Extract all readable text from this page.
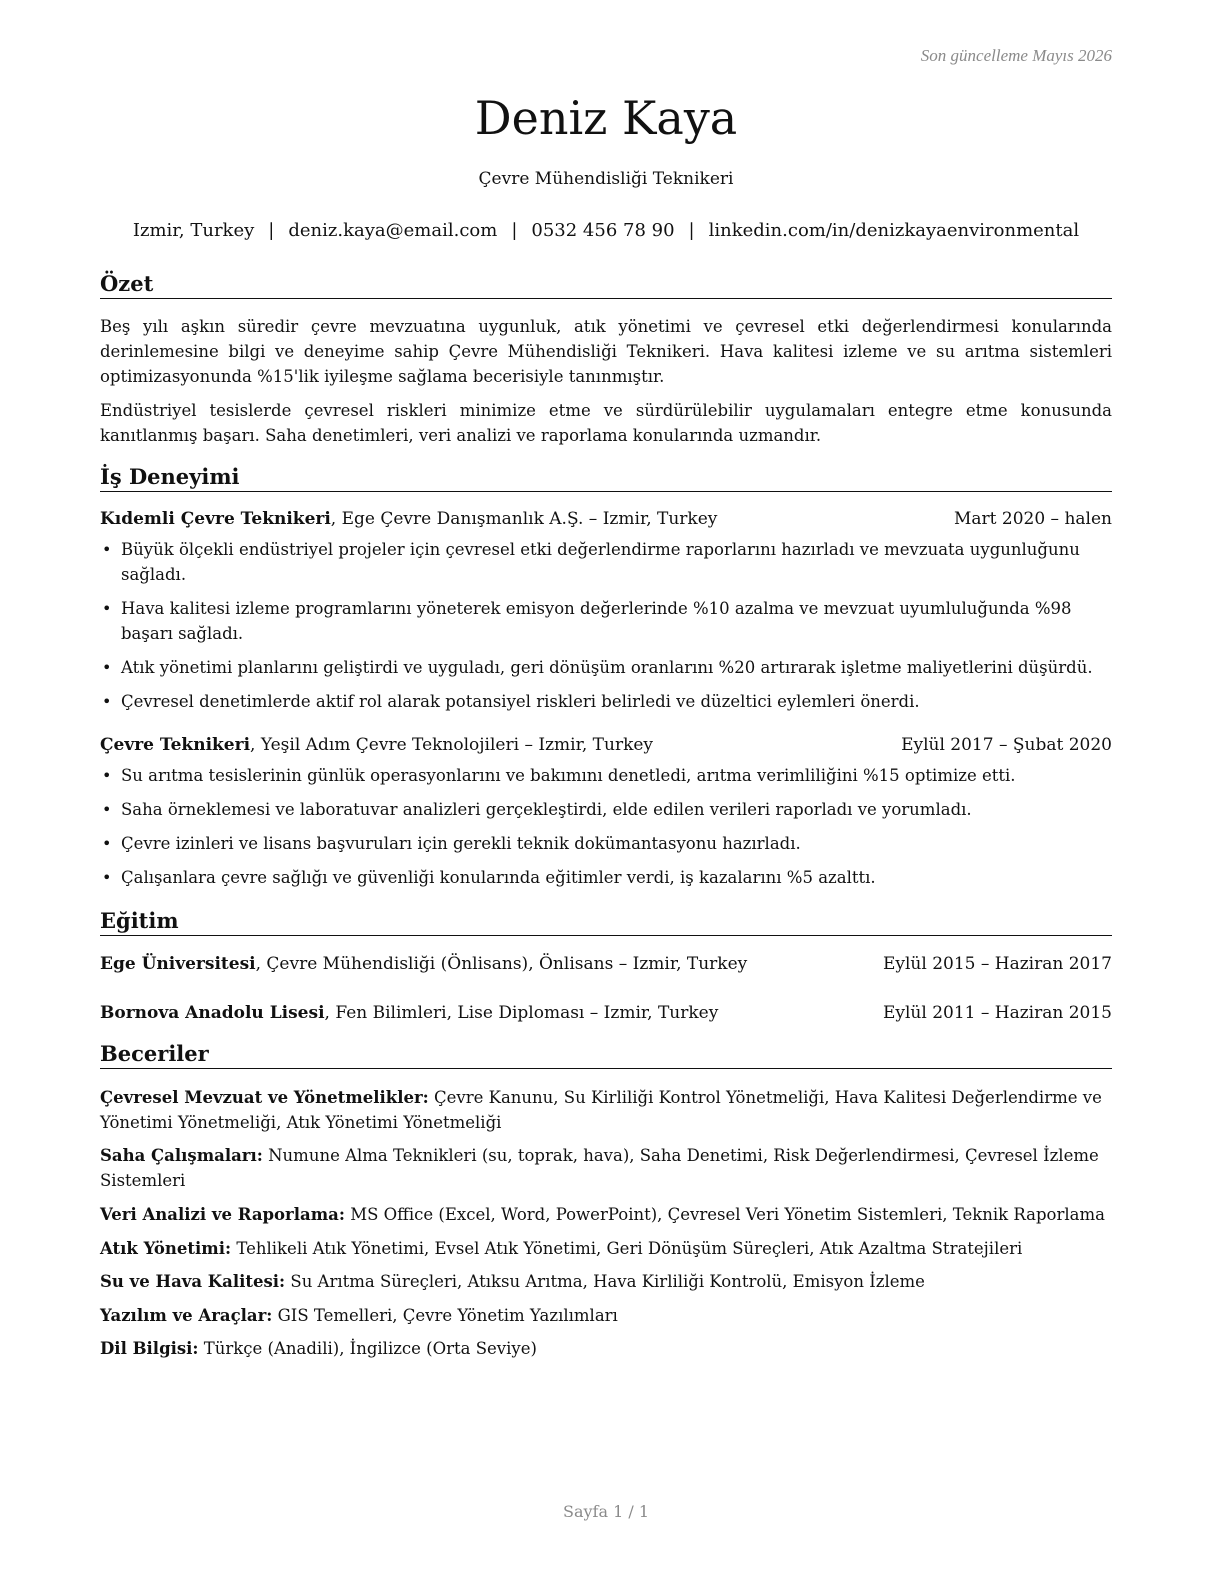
Son güncelleme Mayıs 2026
Deniz Kaya
Çevre Mühendisliği Teknikeri
Izmir, Turkey | deniz.kaya@email.com | 0532 456 78 90 | linkedin.com/in/denizkayaenvironmental
Özet

Beş yılı aşkın süredir çevre mevzuatına uygunluk, atık yönetimi ve çevresel etki değerlendirmesi konularında derinlemesine bilgi ve deneyime sahip Çevre Mühendisliği Teknikeri. Hava kalitesi izleme ve su arıtma sistemleri optimizasyonunda %15'lik iyileşme sağlama becerisiyle tanınmıştır.

Endüstriyel tesislerde çevresel riskleri minimize etme ve sürdürülebilir uygulamaları entegre etme konusunda kanıtlanmış başarı. Saha denetimleri, veri analizi ve raporlama konularında uzmandır.

İş Deneyimi
Kıdemli Çevre Teknikeri, Ege Çevre Danışmanlık A.Ş. – Izmir, Turkey	Mart 2020 – halen
• Büyük ölçekli endüstriyel projeler için çevresel etki değerlendirme raporlarını hazırladı ve mevzuata uygunluğunu sağladı.
• Hava kalitesi izleme programlarını yöneterek emisyon değerlerinde %10 azalma ve mevzuat uyumluluğunda %98 başarı sağladı.
• Atık yönetimi planlarını geliştirdi ve uyguladı, geri dönüşüm oranlarını %20 artırarak işletme maliyetlerini düşürdü.
• Çevresel denetimlerde aktif rol alarak potansiyel riskleri belirledi ve düzeltici eylemleri önerdi.
Çevre Teknikeri, Yeşil Adım Çevre Teknolojileri – Izmir, Turkey	Eylül 2017 – Şubat 2020
• Su arıtma tesislerinin günlük operasyonlarını ve bakımını denetledi, arıtma verimliliğini %15 optimize etti.
• Saha örneklemesi ve laboratuvar analizleri gerçekleştirdi, elde edilen verileri raporladı ve yorumladı.
• Çevre izinleri ve lisans başvuruları için gerekli teknik dokümantasyonu hazırladı.
• Çalışanlara çevre sağlığı ve güvenliği konularında eğitimler verdi, iş kazalarını %5 azalttı.
Eğitim
Ege Üniversitesi, Çevre Mühendisliği (Önlisans), Önlisans – Izmir, Turkey	Eylül 2015 – Haziran 2017
Bornova Anadolu Lisesi, Fen Bilimleri, Lise Diploması – Izmir, Turkey	Eylül 2011 – Haziran 2015
Beceriler
Çevresel Mevzuat ve Yönetmelikler: Çevre Kanunu, Su Kirliliği Kontrol Yönetmeliği, Hava Kalitesi Değerlendirme ve Yönetimi Yönetmeliği, Atık Yönetimi Yönetmeliği
Saha Çalışmaları: Numune Alma Teknikleri (su, toprak, hava), Saha Denetimi, Risk Değerlendirmesi, Çevresel İzleme Sistemleri
Veri Analizi ve Raporlama: MS Office (Excel, Word, PowerPoint), Çevresel Veri Yönetim Sistemleri, Teknik Raporlama
Atık Yönetimi: Tehlikeli Atık Yönetimi, Evsel Atık Yönetimi, Geri Dönüşüm Süreçleri, Atık Azaltma Stratejileri
Su ve Hava Kalitesi: Su Arıtma Süreçleri, Atıksu Arıtma, Hava Kirliliği Kontrolü, Emisyon İzleme
Yazılım ve Araçlar: GIS Temelleri, Çevre Yönetim Yazılımları
Dil Bilgisi: Türkçe (Anadili), İngilizce (Orta Seviye)
Sayfa 1 / 1
